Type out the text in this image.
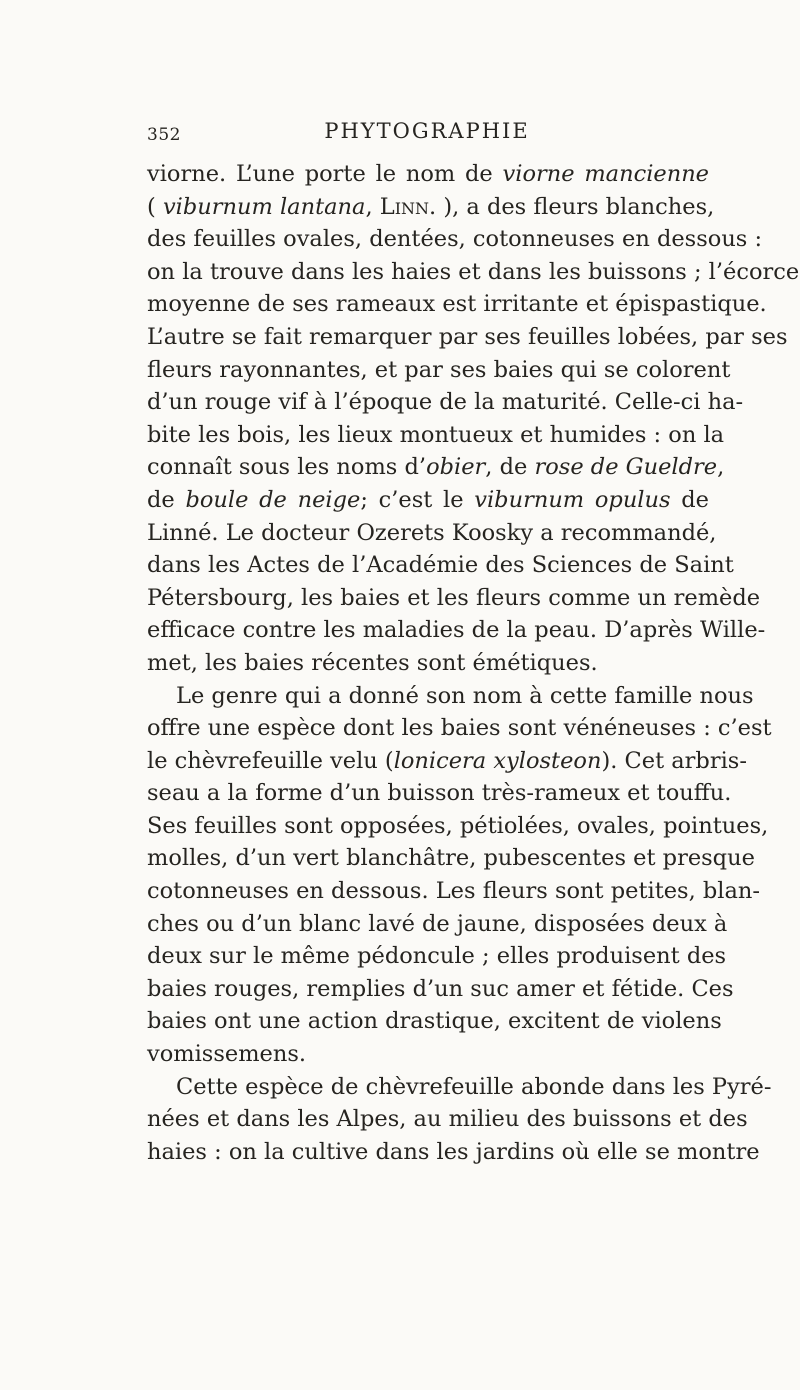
352	PHYTOGRAPHIE
viorne. L’une porte le nom de viorne mancienne
( viburnum lantana, Linn. ), a des fleurs blanches,
des feuilles ovales, dentées, cotonneuses en dessous :
on la trouve dans les haies et dans les buissons ; l’écorce
moyenne de ses rameaux est irritante et épispastique.
L’autre se fait remarquer par ses feuilles lobées, par ses
fleurs rayonnantes, et par ses baies qui se colorent
d’un rouge vif à l’époque de la maturité. Celle-ci ha-
bite les bois, les lieux montueux et humides : on la
connaît sous les noms d’obier, de rose de Gueldre,
de boule de neige; c’est le viburnum opulus de
Linné. Le docteur Ozerets Koosky a recommandé,
dans les Actes de l’Académie des Sciences de Saint
Pétersbourg, les baies et les fleurs comme un remède
efficace contre les maladies de la peau. D’après Wille-
met, les baies récentes sont émétiques.
Le genre qui a donné son nom à cette famille nous
offre une espèce dont les baies sont vénéneuses : c’est
le chèvrefeuille velu (lonicera xylosteon). Cet arbris-
seau a la forme d’un buisson très-rameux et touffu.
Ses feuilles sont opposées, pétiolées, ovales, pointues,
molles, d’un vert blanchâtre, pubescentes et presque
cotonneuses en dessous. Les fleurs sont petites, blan-
ches ou d’un blanc lavé de jaune, disposées deux à
deux sur le même pédoncule ; elles produisent des
baies rouges, remplies d’un suc amer et fétide. Ces
baies ont une action drastique, excitent de violens
vomissemens.
Cette espèce de chèvrefeuille abonde dans les Pyré-
nées et dans les Alpes, au milieu des buissons et des
haies : on la cultive dans les jardins où elle se montre
